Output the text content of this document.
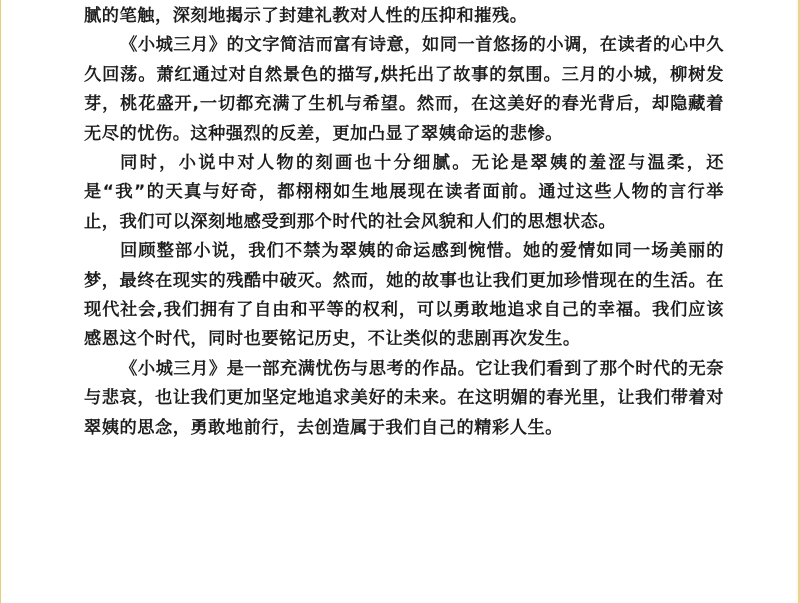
腻的笔触，深刻地揭示了封建礼教对人性的压抑和摧残。

《小城三月》的文字简洁而富有诗意，如同一首悠扬的小调，在读者的心中久久回荡。萧红通过对自然景色的描写,烘托出了故事的氛围。三月的小城，柳树发芽，桃花盛开,一切都充满了生机与希望。然而，在这美好的春光背后，却隐藏着无尽的忧伤。这种强烈的反差，更加凸显了翠姨命运的悲惨。

同时，小说中对人物的刻画也十分细腻。无论是翠姨的羞涩与温柔，还是“我”的天真与好奇，都栩栩如生地展现在读者面前。通过这些人物的言行举止，我们可以深刻地感受到那个时代的社会风貌和人们的思想状态。

回顾整部小说，我们不禁为翠姨的命运感到惋惜。她的爱情如同一场美丽的梦，最终在现实的残酷中破灭。然而，她的故事也让我们更加珍惜现在的生活。在现代社会,我们拥有了自由和平等的权利，可以勇敢地追求自己的幸福。我们应该感恩这个时代，同时也要铭记历史，不让类似的悲剧再次发生。

《小城三月》是一部充满忧伤与思考的作品。它让我们看到了那个时代的无奈与悲哀，也让我们更加坚定地追求美好的未来。在这明媚的春光里，让我们带着对翠姨的思念，勇敢地前行，去创造属于我们自己的精彩人生。
